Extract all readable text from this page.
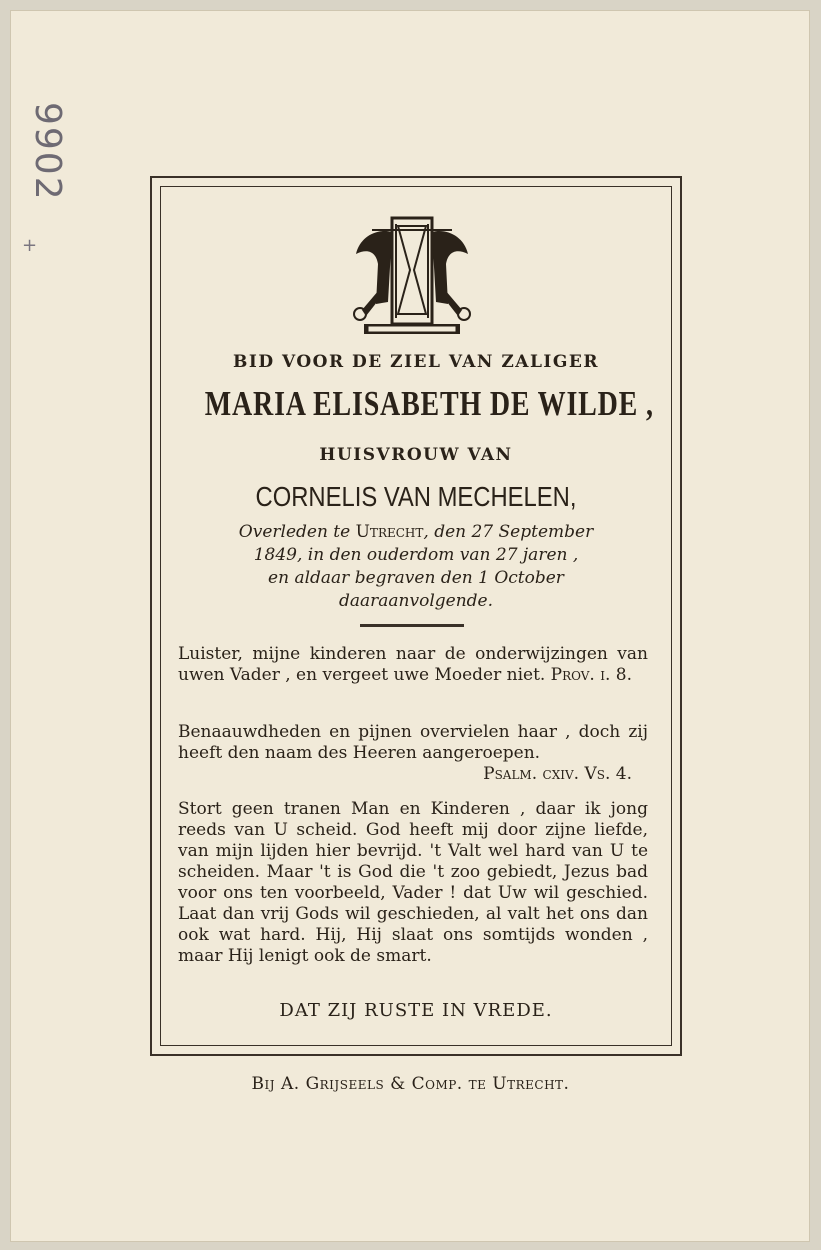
9902
+
BID VOOR DE ZIEL VAN ZALIGER
MARIA ELISABETH DE WILDE ,
HUISVROUW VAN
CORNELIS VAN MECHELEN,
Overleden te Utrecht, den 27 September
1849, in den ouderdom van 27 jaren ,
en aldaar begraven den 1 October
daaraanvolgende.
Luister, mijne kinderen naar de onderwijzingen van uwen Vader , en vergeet uwe Moeder niet. Prov. i. 8.
Benaauwdheden en pijnen overvielen haar , doch zij heeft den naam des Heeren aangeroepen.
Psalm. cxiv. Vs. 4.
Stort geen tranen Man en Kinderen , daar ik jong reeds van U scheid. God heeft mij door zijne liefde, van mijn lijden hier bevrijd. 't Valt wel hard van U te scheiden. Maar 't is God die 't zoo gebiedt, Jezus bad voor ons ten voorbeeld, Vader ! dat Uw wil geschied. Laat dan vrij Gods wil geschieden, al valt het ons dan ook wat hard. Hij, Hij slaat ons somtijds wonden , maar Hij lenigt ook de smart.
DAT ZIJ RUSTE IN VREDE.
Bij A. Grijseels & Comp. te Utrecht.
